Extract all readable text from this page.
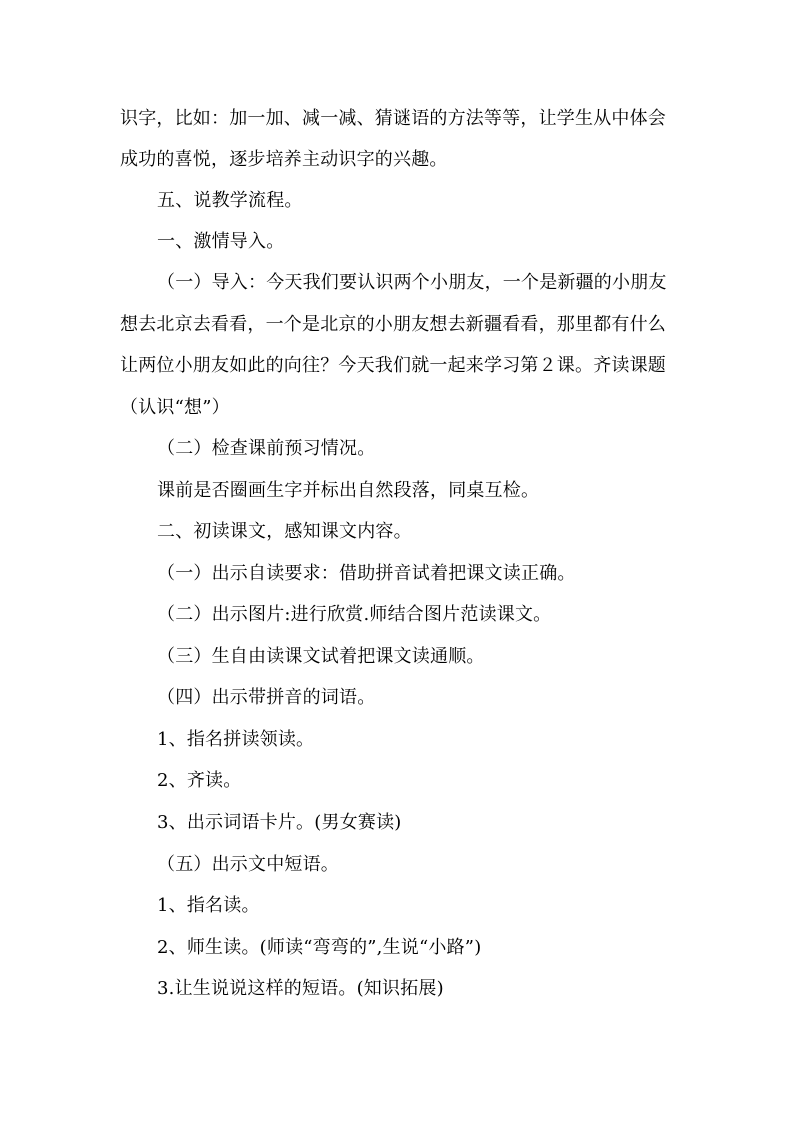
识字，比如：加一加、减一减、猜谜语的方法等等，让学生从中体会
成功的喜悦，逐步培养主动识字的兴趣。
五、说教学流程。
一、激情导入。
（一）导入：今天我们要认识两个小朋友，一个是新疆的小朋友
想去北京去看看，一个是北京的小朋友想去新疆看看，那里都有什么
让两位小朋友如此的向往？今天我们就一起来学习第２课。齐读课题
（认识“想”）
（二）检查课前预习情况。
课前是否圈画生字并标出自然段落，同桌互检。
二、初读课文，感知课文内容。
（一）出示自读要求：借助拼音试着把课文读正确。
（二）出示图片:进行欣赏.师结合图片范读课文。
（三）生自由读课文试着把课文读通顺。
（四）出示带拼音的词语。
1、指名拼读领读。
2、齐读。
3、出示词语卡片。(男女赛读)
（五）出示文中短语。
1、指名读。
2、师生读。(师读“弯弯的”,生说“小路”)
3.让生说说这样的短语。(知识拓展)
